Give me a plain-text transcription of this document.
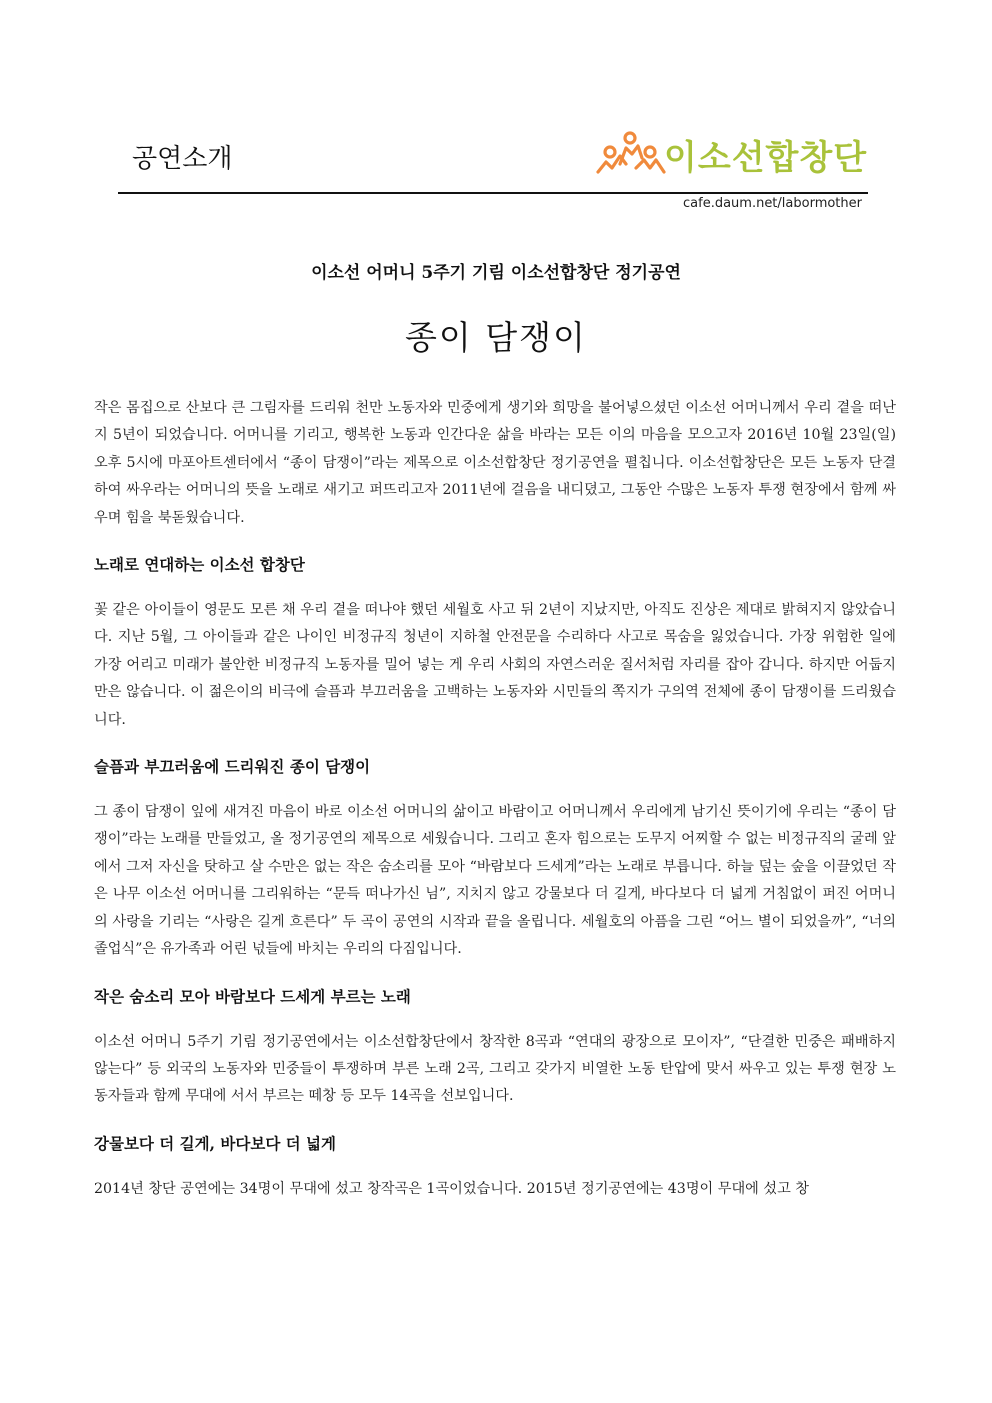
공연소개	이소선합창단
cafe.daum.net/labormother
이소선 어머니 5주기 기림 이소선합창단 정기공연
종이 담쟁이

작은 몸집으로 산보다 큰 그림자를 드리워 천만 노동자와 민중에게 생기와 희망을 불어넣으셨던 이소선 어머니께서 우리 곁을 떠난 지 5년이 되었습니다. 어머니를 기리고, 행복한 노동과 인간다운 삶을 바라는 모든 이의 마음을 모으고자 2016년 10월 23일(일) 오후 5시에 마포아트센터에서 “종이 담쟁이”라는 제목으로 이소선합창단 정기공연을 펼칩니다. 이소선합창단은 모든 노동자 단결하여 싸우라는 어머니의 뜻을 노래로 새기고 퍼뜨리고자 2011년에 걸음을 내디뎠고, 그동안 수많은 노동자 투쟁 현장에서 함께 싸우며 힘을 북돋웠습니다.

노래로 연대하는 이소선 합창단

꽃 같은 아이들이 영문도 모른 채 우리 곁을 떠나야 했던 세월호 사고 뒤 2년이 지났지만, 아직도 진상은 제대로 밝혀지지 않았습니다. 지난 5월, 그 아이들과 같은 나이인 비정규직 청년이 지하철 안전문을 수리하다 사고로 목숨을 잃었습니다. 가장 위험한 일에 가장 어리고 미래가 불안한 비정규직 노동자를 밀어 넣는 게 우리 사회의 자연스러운 질서처럼 자리를 잡아 갑니다. 하지만 어둡지만은 않습니다. 이 젊은이의 비극에 슬픔과 부끄러움을 고백하는 노동자와 시민들의 쪽지가 구의역 전체에 종이 담쟁이를 드리웠습니다.

슬픔과 부끄러움에 드리워진 종이 담쟁이

그 종이 담쟁이 잎에 새겨진 마음이 바로 이소선 어머니의 삶이고 바람이고 어머니께서 우리에게 남기신 뜻이기에 우리는 “종이 담쟁이”라는 노래를 만들었고, 올 정기공연의 제목으로 세웠습니다. 그리고 혼자 힘으로는 도무지 어찌할 수 없는 비정규직의 굴레 앞에서 그저 자신을 탓하고 살 수만은 없는 작은 숨소리를 모아 “바람보다 드세게”라는 노래로 부릅니다. 하늘 덮는 숲을 이끌었던 작은 나무 이소선 어머니를 그리워하는 “문득 떠나가신 님”, 지치지 않고 강물보다 더 길게, 바다보다 더 넓게 거침없이 퍼진 어머니의 사랑을 기리는 “사랑은 길게 흐른다” 두 곡이 공연의 시작과 끝을 올립니다. 세월호의 아픔을 그린 “어느 별이 되었을까”, “너의 졸업식”은 유가족과 어린 넋들에 바치는 우리의 다짐입니다.

작은 숨소리 모아 바람보다 드세게 부르는 노래

이소선 어머니 5주기 기림 정기공연에서는 이소선합창단에서 창작한 8곡과 “연대의 광장으로 모이자”, “단결한 민중은 패배하지 않는다” 등 외국의 노동자와 민중들이 투쟁하며 부른 노래 2곡, 그리고 갖가지 비열한 노동 탄압에 맞서 싸우고 있는 투쟁 현장 노동자들과 함께 무대에 서서 부르는 떼창 등 모두 14곡을 선보입니다.

강물보다 더 길게, 바다보다 더 넓게

2014년 창단 공연에는 34명이 무대에 섰고 창작곡은 1곡이었습니다. 2015년 정기공연에는 43명이 무대에 섰고 창
